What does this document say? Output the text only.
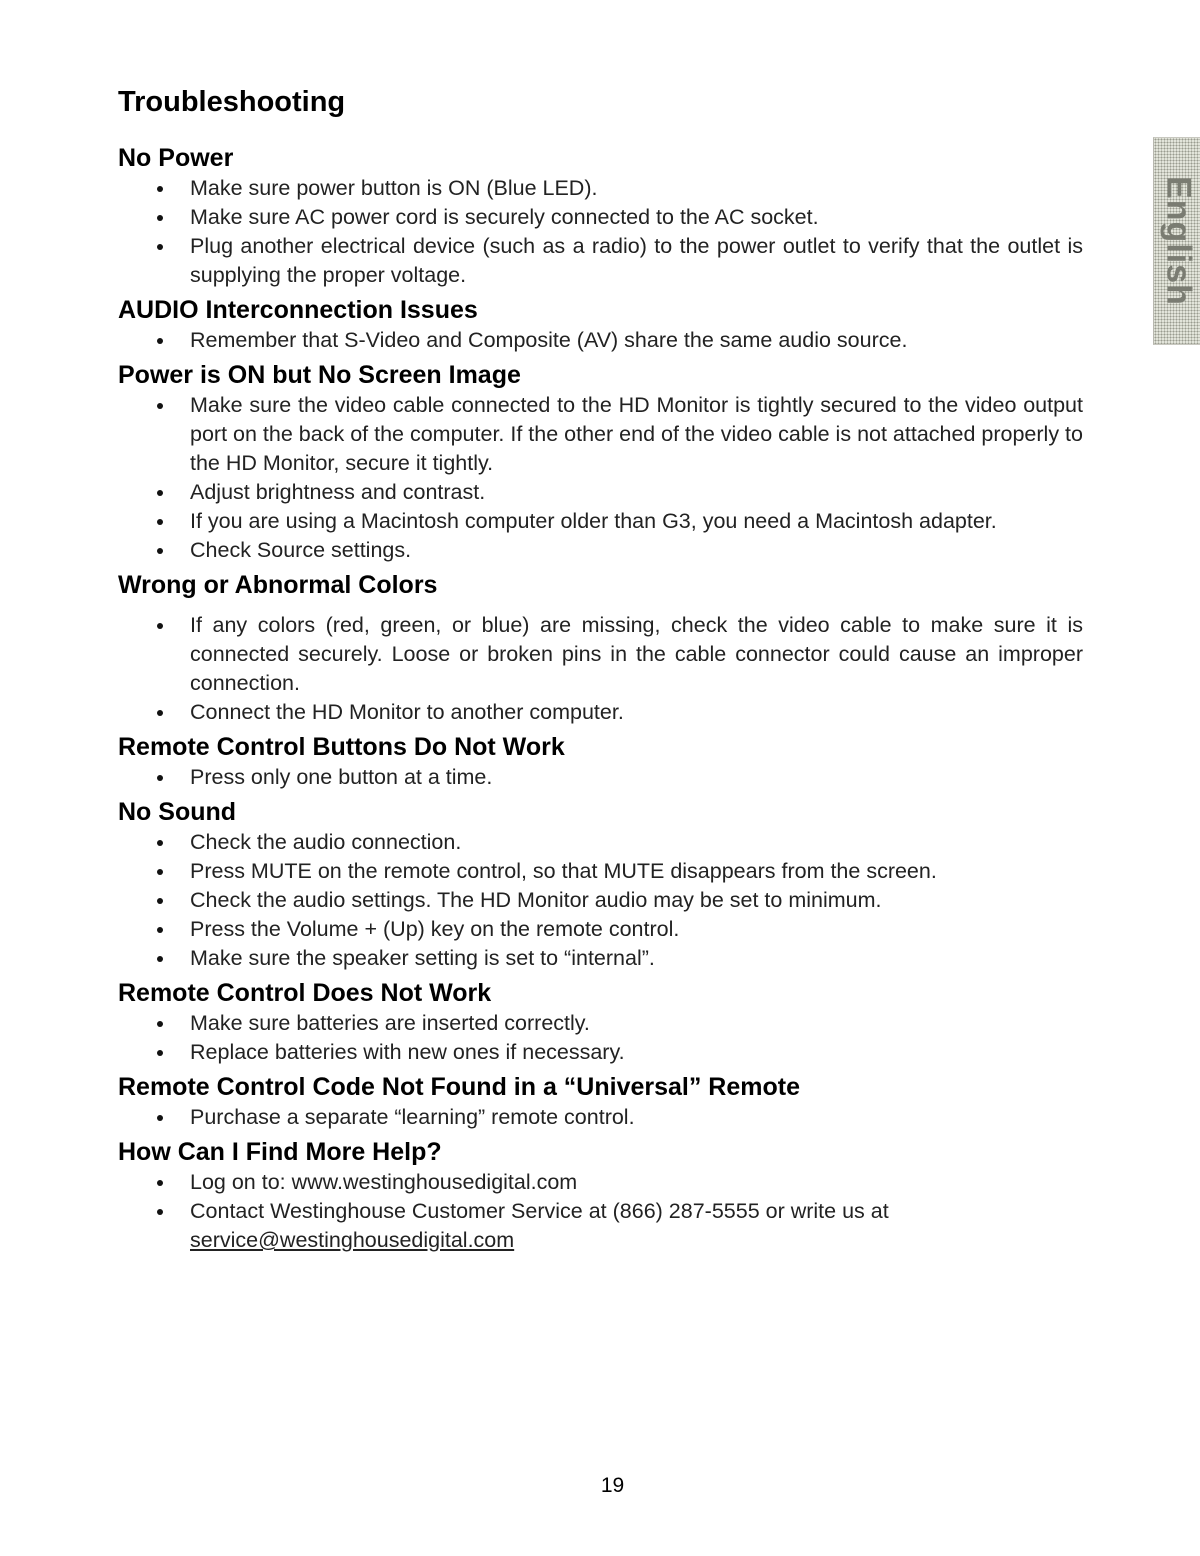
Troubleshooting
English
No Power
Make sure power button is ON (Blue LED).
Make sure AC power cord is securely connected to the AC socket.
Plug another electrical device (such as a radio) to the power outlet to verify that the outlet is supplying the proper voltage.
AUDIO Interconnection Issues
Remember that S-Video and Composite (AV) share the same audio source.
Power is ON but No Screen Image
Make sure the video cable connected to the HD Monitor is tightly secured to the video output port on the back of the computer. If the other end of the video cable is not attached properly to the HD Monitor, secure it tightly.
Adjust brightness and contrast.
If you are using a Macintosh computer older than G3, you need a Macintosh adapter.
Check Source settings.
Wrong or Abnormal Colors
If any colors (red, green, or blue) are missing, check the video cable to make sure it is connected securely. Loose or broken pins in the cable connector could cause an improper connection.
Connect the HD Monitor to another computer.
Remote Control Buttons Do Not Work
Press only one button at a time.
No Sound
Check the audio connection.
Press MUTE on the remote control, so that MUTE disappears from the screen.
Check the audio settings. The HD Monitor audio may be set to minimum.
Press the Volume + (Up) key on the remote control.
Make sure the speaker setting is set to “internal”.
Remote Control Does Not Work
Make sure batteries are inserted correctly.
Replace batteries with new ones if necessary.
Remote Control Code Not Found in a “Universal” Remote
Purchase a separate “learning” remote control.
How Can I Find More Help?
Log on to: www.westinghousedigital.com
Contact Westinghouse Customer Service at (866) 287-5555 or write us at
service@westinghousedigital.com
19
